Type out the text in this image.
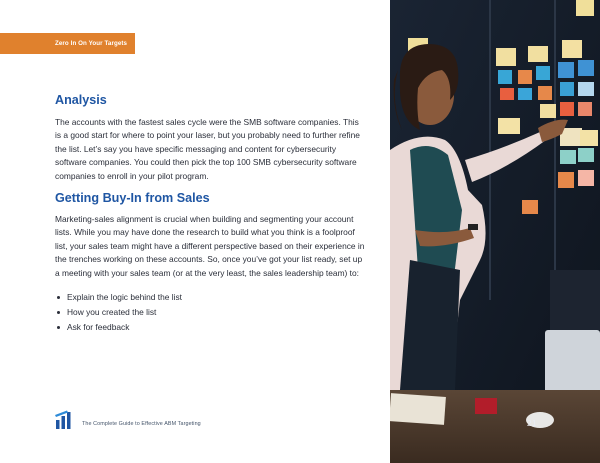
Zero In On Your Targets
Analysis

The accounts with the fastest sales cycle were the SMB software companies. This is a good start for where to point your laser, but you probably need to further refine the list. Let’s say you have specific messaging and content for cybersecurity software companies. You could then pick the top 100 SMB cybersecurity software companies to enroll in your pilot program.

Getting Buy-In from Sales

Marketing-sales alignment is crucial when building and segmenting your account lists. While you may have done the research to build what you think is a foolproof list, your sales team might have a different perspective based on their experience in the trenches working on these accounts. So, once you’ve got your list ready, set up a meeting with your sales team (or at the very least, the sales leadership team) to:

Explain the logic behind the list
How you created the list
Ask for feedback
The Complete Guide to Effective ABM Targeting	21
